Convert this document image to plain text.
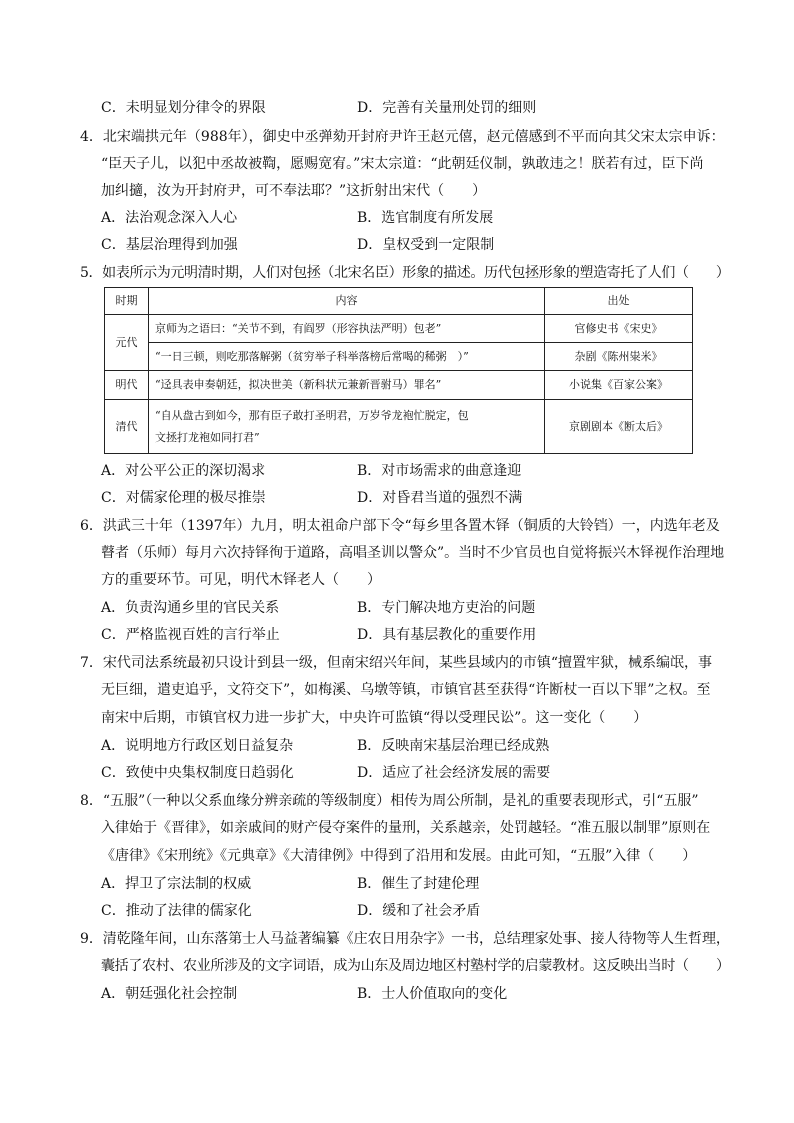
C．未明显划分律令的界限	D．完善有关量刑处罚的细则
4．北宋端拱元年（988年），御史中丞弹劾开封府尹许王赵元僖，赵元僖感到不平而向其父宋太宗申诉：
“臣天子儿，以犯中丞故被鞫，愿赐宽宥。”宋太宗道：“此朝廷仪制，孰敢违之！朕若有过，臣下尚
加纠擿，汝为开封府尹，可不奉法耶？”这折射出宋代（　　）
A．法治观念深入人心	B．选官制度有所发展
C．基层治理得到加强	D．皇权受到一定限制
5．如表所示为元明清时期，人们对包拯（北宋名臣）形象的描述。历代包拯形象的塑造寄托了人们（　　）
时期	内容	出处
元代	京师为之语曰：“关节不到，有阎罗（形容执法严明）包老”	官修史书《宋史》
	“一日三顿，则吃那落解粥（贫穷举子科举落榜后常喝的稀粥　）”	杂剧《陈州粜米》
明代	“迳具表申奏朝廷，拟决世美（新科状元兼新晋驸马）罪名”	小说集《百家公案》
清代	“自从盘古到如今，那有臣子敢打圣明君，万岁爷龙袍忙脱定，包
文拯打龙袍如同打君”	京剧剧本《断太后》
A．对公平公正的深切渴求	B．对市场需求的曲意逢迎
C．对儒家伦理的极尽推崇	D．对昏君当道的强烈不满
6．洪武三十年（1397年）九月，明太祖命户部下令“每乡里各置木铎（铜质的大铃铛）一，内选年老及
瞽者（乐师）每月六次持铎徇于道路，高唱圣训以警众”。当时不少官员也自觉将振兴木铎视作治理地
方的重要环节。可见，明代木铎老人（　　）
A．负责沟通乡里的官民关系	B．专门解决地方吏治的问题
C．严格监视百姓的言行举止	D．具有基层教化的重要作用
7．宋代司法系统最初只设计到县一级，但南宋绍兴年间，某些县域内的市镇“擅置牢狱，械系编氓，事
无巨细，遣吏追乎，文符交下”，如梅溪、乌墩等镇，市镇官甚至获得“许断杖一百以下罪”之权。至
南宋中后期，市镇官权力进一步扩大，中央许可监镇“得以受理民讼”。这一变化（　　）
A．说明地方行政区划日益复杂	B．反映南宋基层治理已经成熟
C．致使中央集权制度日趋弱化	D．适应了社会经济发展的需要
8．“五服”（一种以父系血缘分辨亲疏的等级制度）相传为周公所制，是礼的重要表现形式，引“五服”
入律始于《晋律》，如亲戚间的财产侵夺案件的量刑，关系越亲，处罚越轻。“准五服以制罪”原则在
《唐律》《宋刑统》《元典章》《大清律例》中得到了沿用和发展。由此可知，“五服”入律（　　）
A．捍卫了宗法制的权威	B．催生了封建伦理
C．推动了法律的儒家化	D．缓和了社会矛盾
9．清乾隆年间，山东落第士人马益著编纂《庄农日用杂字》一书，总结理家处事、接人待物等人生哲理，
囊括了农村、农业所涉及的文字词语，成为山东及周边地区村塾村学的启蒙教材。这反映出当时（　　）
A．朝廷强化社会控制	B．士人价值取向的变化
